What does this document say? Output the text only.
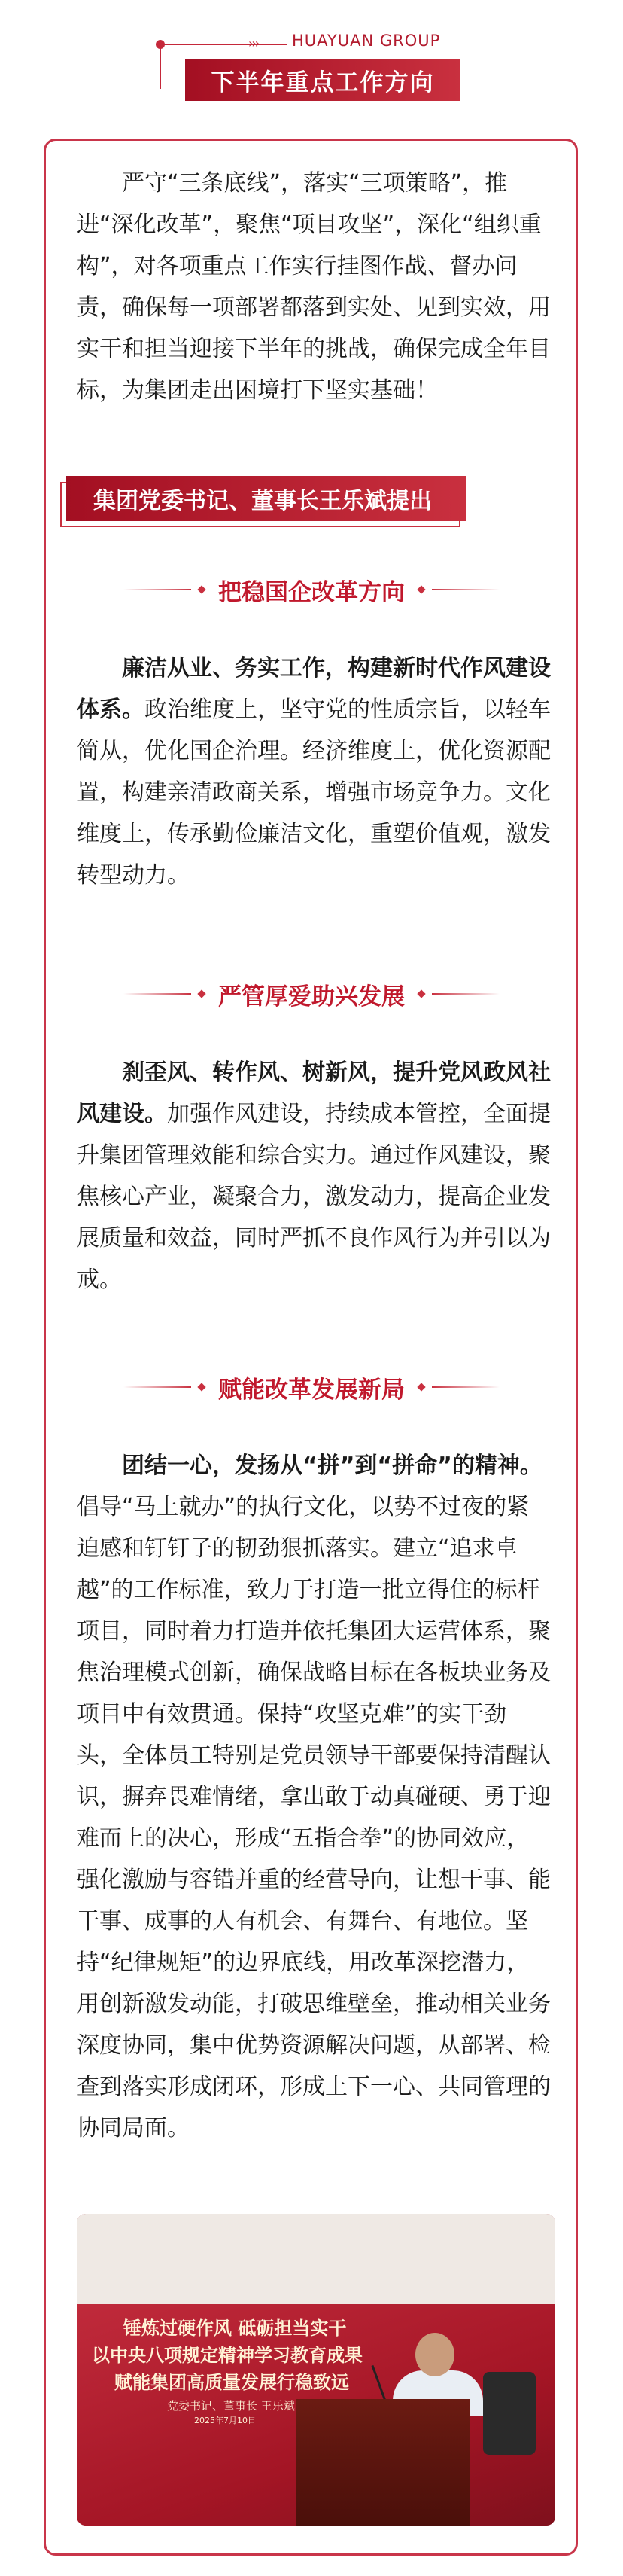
››› HUAYUAN GROUP
下半年重点工作方向

严守“三条底线”，落实“三项策略”，推进“深化改革”，聚焦“项目攻坚”，深化“组织重构”，对各项重点工作实行挂图作战、督办问责，确保每一项部署都落到实处、见到实效，用实干和担当迎接下半年的挑战，确保完成全年目标，为集团走出困境打下坚实基础！

集团党委书记、董事长王乐斌提出
把稳国企改革方向

廉洁从业、务实工作，构建新时代作风建设体系。政治维度上，坚守党的性质宗旨，以轻车简从，优化国企治理。经济维度上，优化资源配置，构建亲清政商关系，增强市场竞争力。文化维度上，传承勤俭廉洁文化，重塑价值观，激发转型动力。

严管厚爱助兴发展

刹歪风、转作风、树新风，提升党风政风社风建设。加强作风建设，持续成本管控，全面提升集团管理效能和综合实力。通过作风建设，聚焦核心产业，凝聚合力，激发动力，提高企业发展质量和效益，同时严抓不良作风行为并引以为戒。

赋能改革发展新局

团结一心，发扬从“拼”到“拼命”的精神。倡导“马上就办”的执行文化，以势不过夜的紧迫感和钉钉子的韧劲狠抓落实。建立“追求卓越”的工作标准，致力于打造一批立得住的标杆项目，同时着力打造并依托集团大运营体系，聚焦治理模式创新，确保战略目标在各板块业务及项目中有效贯通。保持“攻坚克难”的实干劲头，全体员工特别是党员领导干部要保持清醒认识，摒弃畏难情绪，拿出敢于动真碰硬、勇于迎难而上的决心，形成“五指合拳”的协同效应，强化激励与容错并重的经营导向，让想干事、能干事、成事的人有机会、有舞台、有地位。坚持“纪律规矩”的边界底线，用改革深挖潜力，用创新激发动能，打破思维壁垒，推动相关业务深度协同，集中优势资源解决问题，从部署、检查到落实形成闭环，形成上下一心、共同管理的协同局面。

锤炼过硬作风 砥砺担当实干
以中央八项规定精神学习教育成果
赋能集团高质量发展行稳致远
党委书记、董事长 王乐斌
2025年7月10日
